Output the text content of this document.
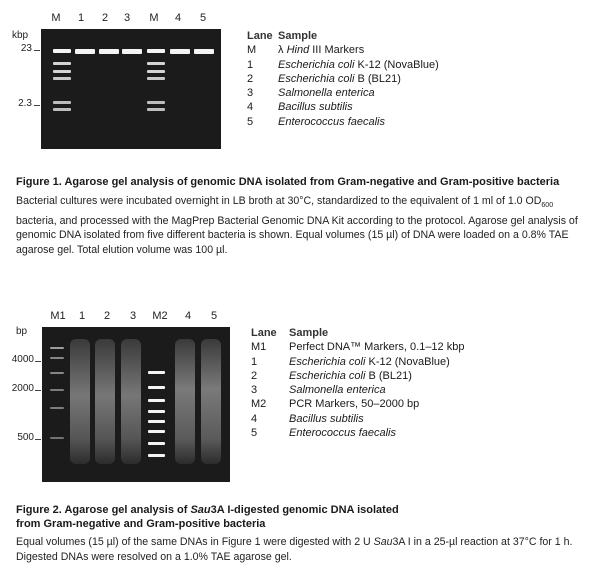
M	1	2	3	M	4	5
kbp
23
2.3
Lane Sample
M	λ Hind III Markers
1	Escherichia coli K-12 (NovaBlue)
2	Escherichia coli B (BL21)
3	Salmonella enterica
4	Bacillus subtilis
5	Enterococcus faecalis
Figure 1. Agarose gel analysis of genomic DNA isolated from Gram-negative and Gram-positive bacteria
Bacterial cultures were incubated overnight in LB broth at 30°C, standardized to the equivalent of 1 ml of 1.0 $OD_{600}$ bacteria, and processed with the MagPrep Bacterial Genomic DNA Kit according to the protocol. Agarose gel analysis of genomic DNA isolated from five different bacteria is shown. Equal volumes (15 µl) of DNA were loaded on a 0.8% TAE agarose gel. Total elution volume was 100 µl.
M1	1	2	3	M2	4	5
bp
4000
2000
500
Lane	Sample
M1	Perfect DNA™ Markers, 0.1–12 kbp
1	Escherichia coli K-12 (NovaBlue)
2	Escherichia coli B (BL21)
3	Salmonella enterica
M2	PCR Markers, 50–2000 bp
4	Bacillus subtilis
5	Enterococcus faecalis
Figure 2. Agarose gel analysis of Sau3A I-digested genomic DNA isolated
from Gram-negative and Gram-positive bacteria
Equal volumes (15 µl) of the same DNAs in Figure 1 were digested with 2 U Sau3A I in a 25-µl reaction at 37°C for 1 h. Digested DNAs were resolved on a 1.0% TAE agarose gel.
